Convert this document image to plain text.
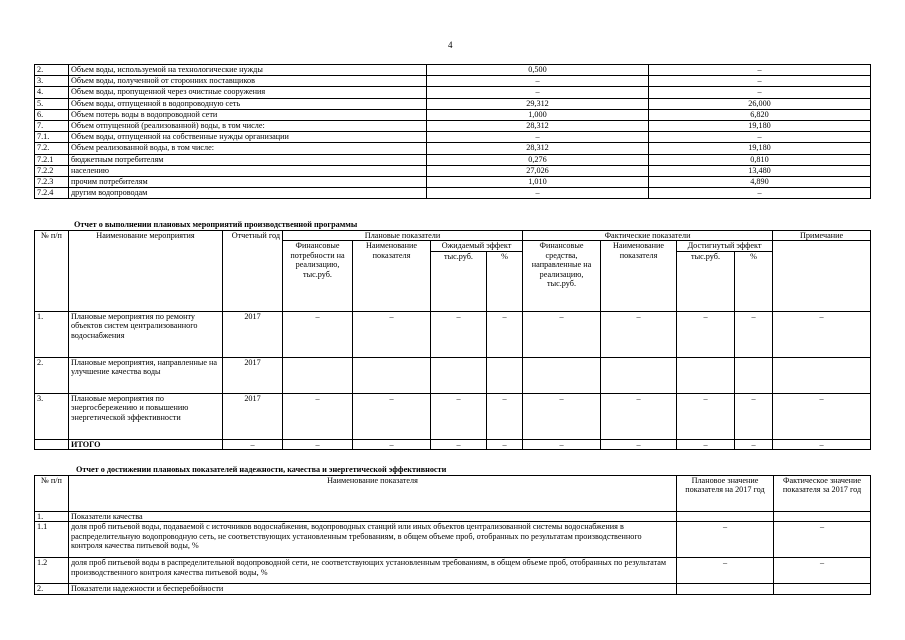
4
2.	Объем воды, используемой на технологические нужды	0,500	–
3.	Объем воды, полученной от сторонних поставщиков	–	–
4.	Объем воды, пропущенной через очистные сооружения	–	–
5.	Объем воды, отпущенной в водопроводную сеть	29,312	26,000
6.	Объем потерь воды в водопроводной сети	1,000	6,820
7.	Объем отпущенной (реализованной) воды, в том числе:	28,312	19,180
7.1.	Объем воды, отпущенной на собственные нужды организации	–	–
7.2.	Объем реализованной воды, в том числе:	28,312	19,180
7.2.1	бюджетным потребителям	0,276	0,810
7.2.2	населению	27,026	13,480
7.2.3	прочим потребителям	1,010	4,890
7.2.4	другим водопроводам	–	–
Отчет о выполнении плановых мероприятий производственной программы
№ п/п	Наименование мероприятия	Отчетный год	Плановые показатели				Фактические показатели				Примечание
			Финансовые потребности на реализацию, тыс.руб.	Наименование показателя	Ожидаемый эффект		Финансовые средства, направленные на реализацию, тыс.руб.	Наименование показателя	Достигнутый эффект		
					тыс.руб.	%			тыс.руб.	%	
1.	Плановые мероприятия по ремонту объектов систем централизованного водоснабжения	2017	–	–	–	–	–	–	–	–	–
2.	Плановые мероприятия, направленные на улучшение качества воды	2017									
3.	Плановые мероприятия по энергосбережению и повышению энергетической эффективности	2017	–	–	–	–	–	–	–	–	–
	ИТОГО	–	–	–	–	–	–	–	–	–	–
Отчет о достижении плановых показателей надежности, качества и энергетической эффективности
№ п/п	Наименование показателя	Плановое значение показателя на 2017 год	Фактическое значение показателя за 2017 год
1.	Показатели качества		
1.1	доля проб питьевой воды, подаваемой с источников водоснабжения, водопроводных станций или иных объектов централизованной системы водоснабжения в распределительную водопроводную сеть, не соответствующих установленным требованиям, в общем объеме проб, отобранных по результатам производственного контроля качества питьевой воды, %	–	–
1.2	доля проб питьевой воды в распределительной водопроводной сети, не соответствующих установленным требованиям, в общем объеме проб, отобранных по результатам производственного контроля качества питьевой воды, %	–	–
2.	Показатели надежности и бесперебойности		
